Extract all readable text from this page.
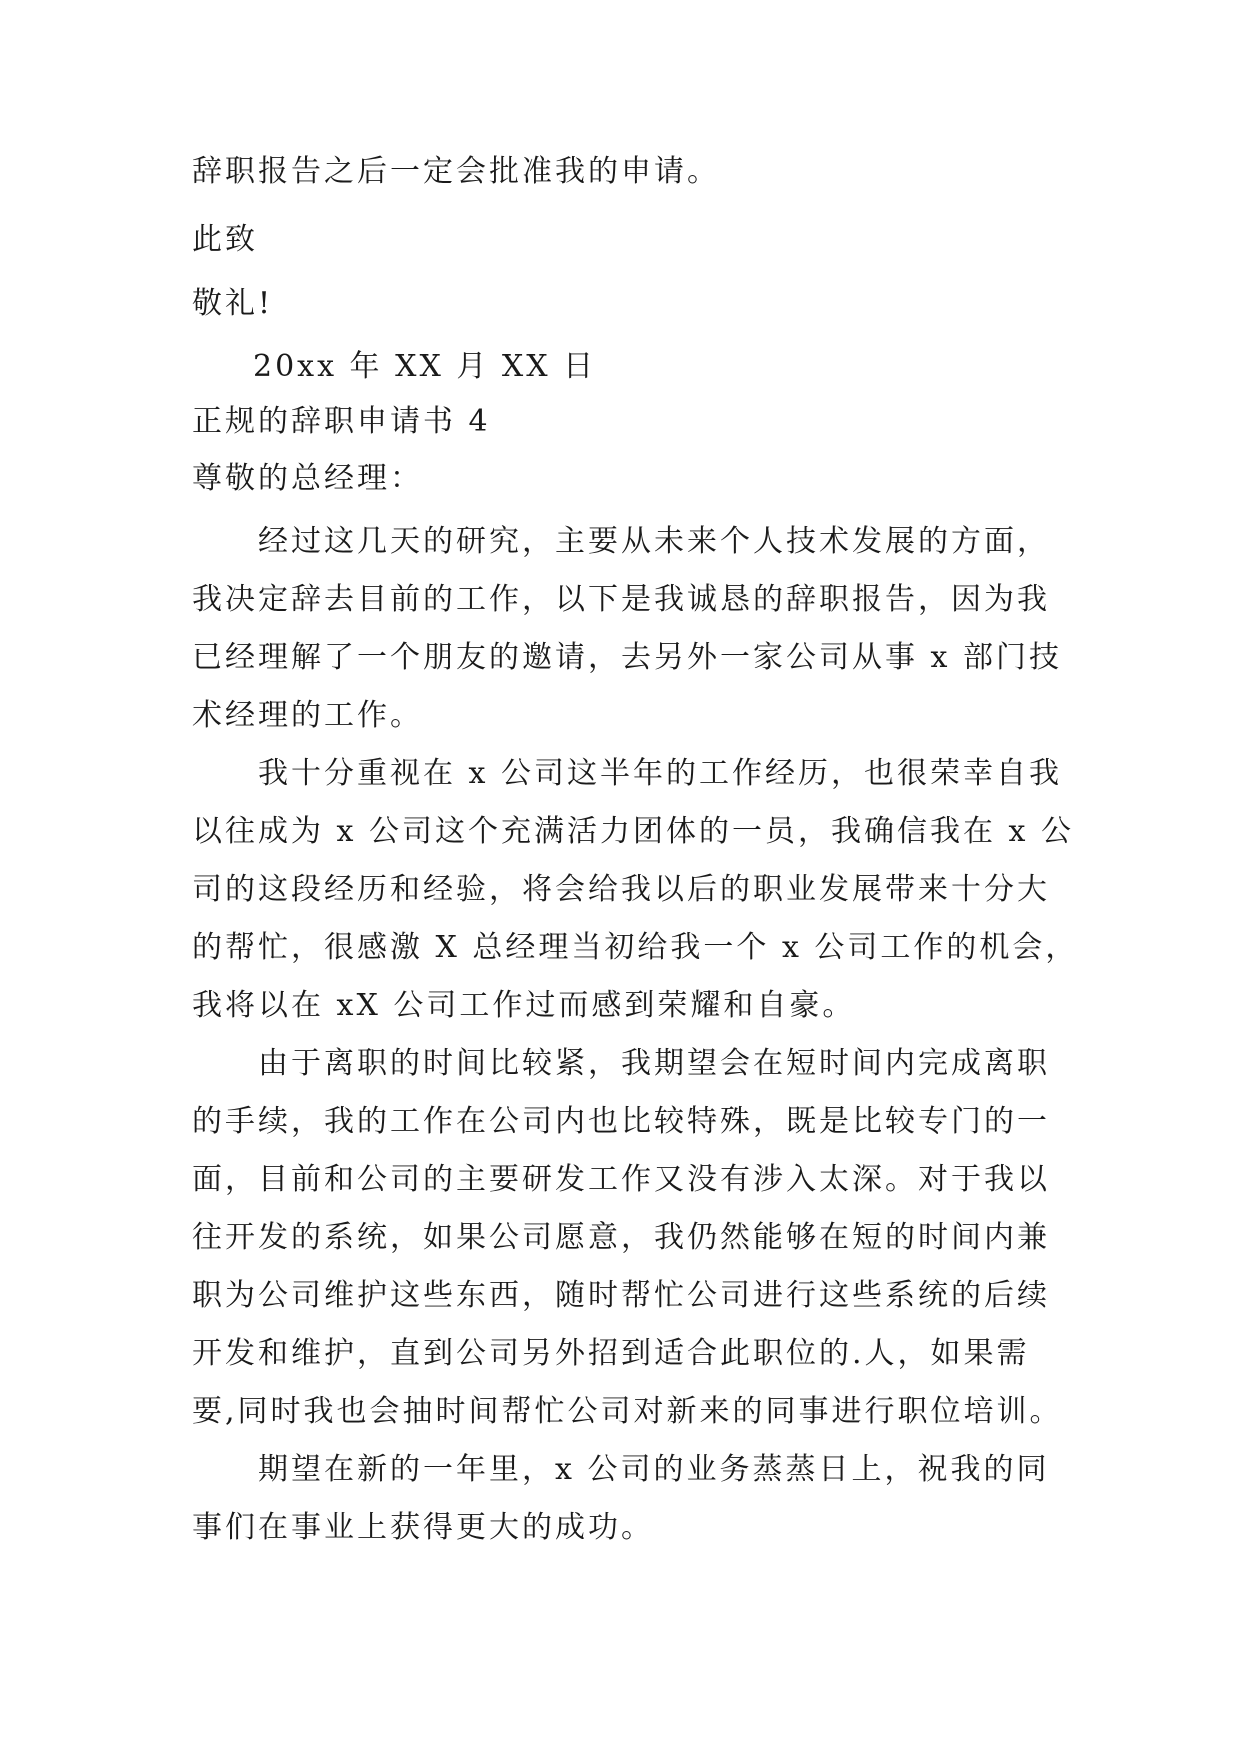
辞职报告之后一定会批准我的申请。
此致
敬礼!
20xx 年 XX 月 XX 日
正规的辞职申请书 4
尊敬的总经理：
经过这几天的研究，主要从未来个人技术发展的方面，
我决定辞去目前的工作，以下是我诚恳的辞职报告，因为我
已经理解了一个朋友的邀请，去另外一家公司从事 x 部门技
术经理的工作。
我十分重视在 x 公司这半年的工作经历，也很荣幸自我
以往成为 x 公司这个充满活力团体的一员，我确信我在 x 公
司的这段经历和经验，将会给我以后的职业发展带来十分大
的帮忙，很感激 X 总经理当初给我一个 x 公司工作的机会，
我将以在 xX 公司工作过而感到荣耀和自豪。
由于离职的时间比较紧，我期望会在短时间内完成离职
的手续，我的工作在公司内也比较特殊，既是比较专门的一
面，目前和公司的主要研发工作又没有涉入太深。对于我以
往开发的系统，如果公司愿意，我仍然能够在短的时间内兼
职为公司维护这些东西，随时帮忙公司进行这些系统的后续
开发和维护，直到公司另外招到适合此职位的.人，如果需
要,同时我也会抽时间帮忙公司对新来的同事进行职位培训。
期望在新的一年里，x 公司的业务蒸蒸日上，祝我的同
事们在事业上获得更大的成功。
